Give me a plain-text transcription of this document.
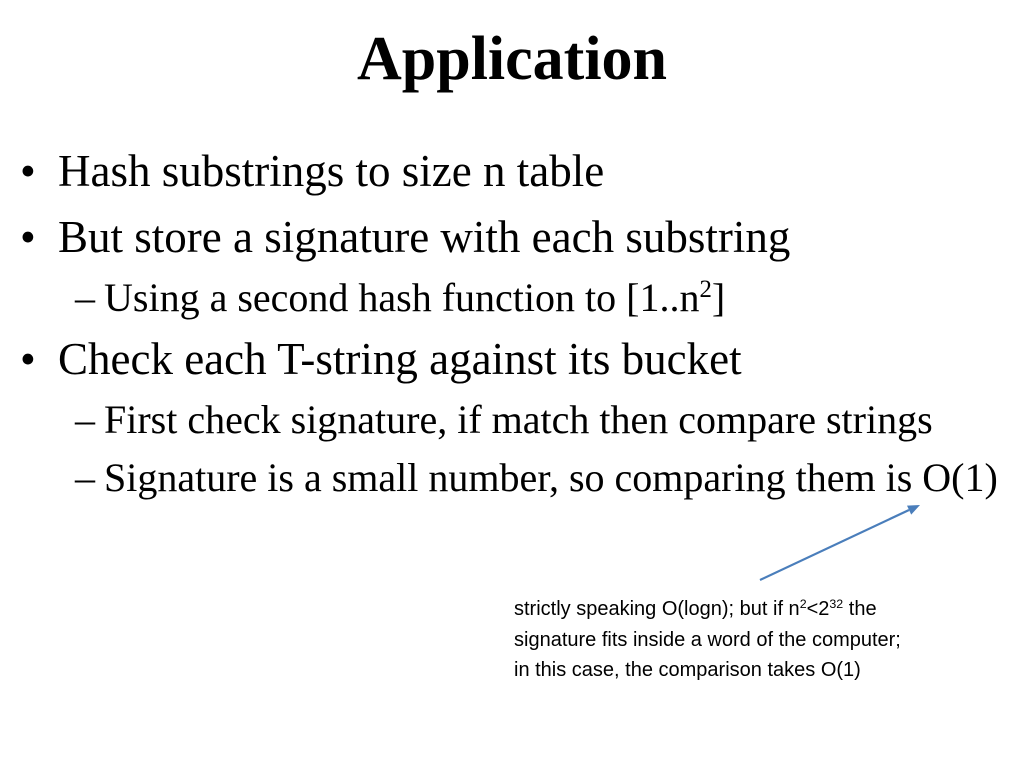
Application
• Hash substrings to size n table
• But store a signature with each substring
– Using a second hash function to $[1..n^2]$
• Check each T-string against its bucket
– First check signature, if match then compare strings
– Signature is a small number, so comparing them is O(1)
strictly speaking O(logn); but if $n^2<2^{32}$ the
signature fits inside a word of the computer;
in this case, the comparison takes O(1)
